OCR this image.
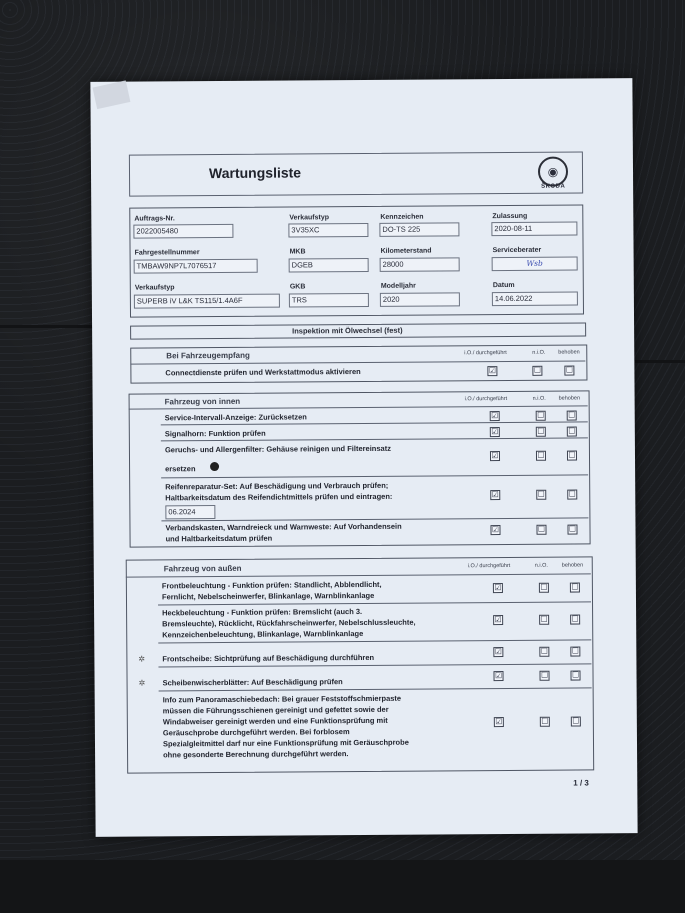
Wartungsliste	◉
ŠKODA
Auftrags-Nr.
2022005480
Verkaufstyp
3V35XC
Kennzeichen
DO-TS 225
Zulassung
2020-08-11
Fahrgestellnummer
TMBAW9NP7L7076517
MKB
DGEB
Kilometerstand
28000
Serviceberater
Wsb
Verkaufstyp
SUPERB iV L&K TS115/1.4A6F
GKB
TRS
Modelljahr
2020
Datum
14.06.2022
Inspektion mit Ölwechsel (fest)
Bei Fahrzeugempfang	i.O./ durchgeführt	n.i.O. behoben
Connectdienste prüfen und Werkstattmodus aktivieren	☑	☐	☐
Fahrzeug von innen	i.O./ durchgeführt	n.i.O. behoben
Service-Intervall-Anzeige: Zurücksetzen	☑	☐	☐
Signalhorn: Funktion prüfen	☑	☐	☐
Geruchs- und Allergenfilter: Gehäuse reinigen und Filtereinsatz
ersetzen
☑	☐	☐
Reifenreparatur-Set: Auf Beschädigung und Verbrauch prüfen;
Haltbarkeitsdatum des Reifendichtmittels prüfen und eintragen:
06.2024
☑	☐	☐
Verbandskasten, Warndreieck und Warnweste: Auf Vorhandensein
und Haltbarkeitsdatum prüfen
☑	☐	☐
Fahrzeug von außen	i.O./ durchgeführt	n.i.O.	behoben
Frontbeleuchtung - Funktion prüfen: Standlicht, Abblendlicht,
Fernlicht, Nebelscheinwerfer, Blinkanlage, Warnblinkanlage
☑	☐	☐
Heckbeleuchtung - Funktion prüfen: Bremslicht (auch 3.
Bremsleuchte), Rücklicht, Rückfahrscheinwerfer, Nebelschlussleuchte,
Kennzeichenbeleuchtung, Blinkanlage, Warnblinkanlage
☑	☐	☐
✲ Frontscheibe: Sichtprüfung auf Beschädigung durchführen
☑	☐	☐
✲ Scheibenwischerblätter: Auf Beschädigung prüfen
☑	☐	☐
Info zum Panoramaschiebedach: Bei grauer Feststoffschmierpaste
müssen die Führungsschienen gereinigt und gefettet sowie der
Windabweiser gereinigt werden und eine Funktionsprüfung mit
Geräuschprobe durchgeführt werden. Bei forblosem
Spezialgleitmittel darf nur eine Funktionsprüfung mit Geräuschprobe
ohne gesonderte Berechnung durchgeführt werden.
☑	☐	☐
1 / 3
